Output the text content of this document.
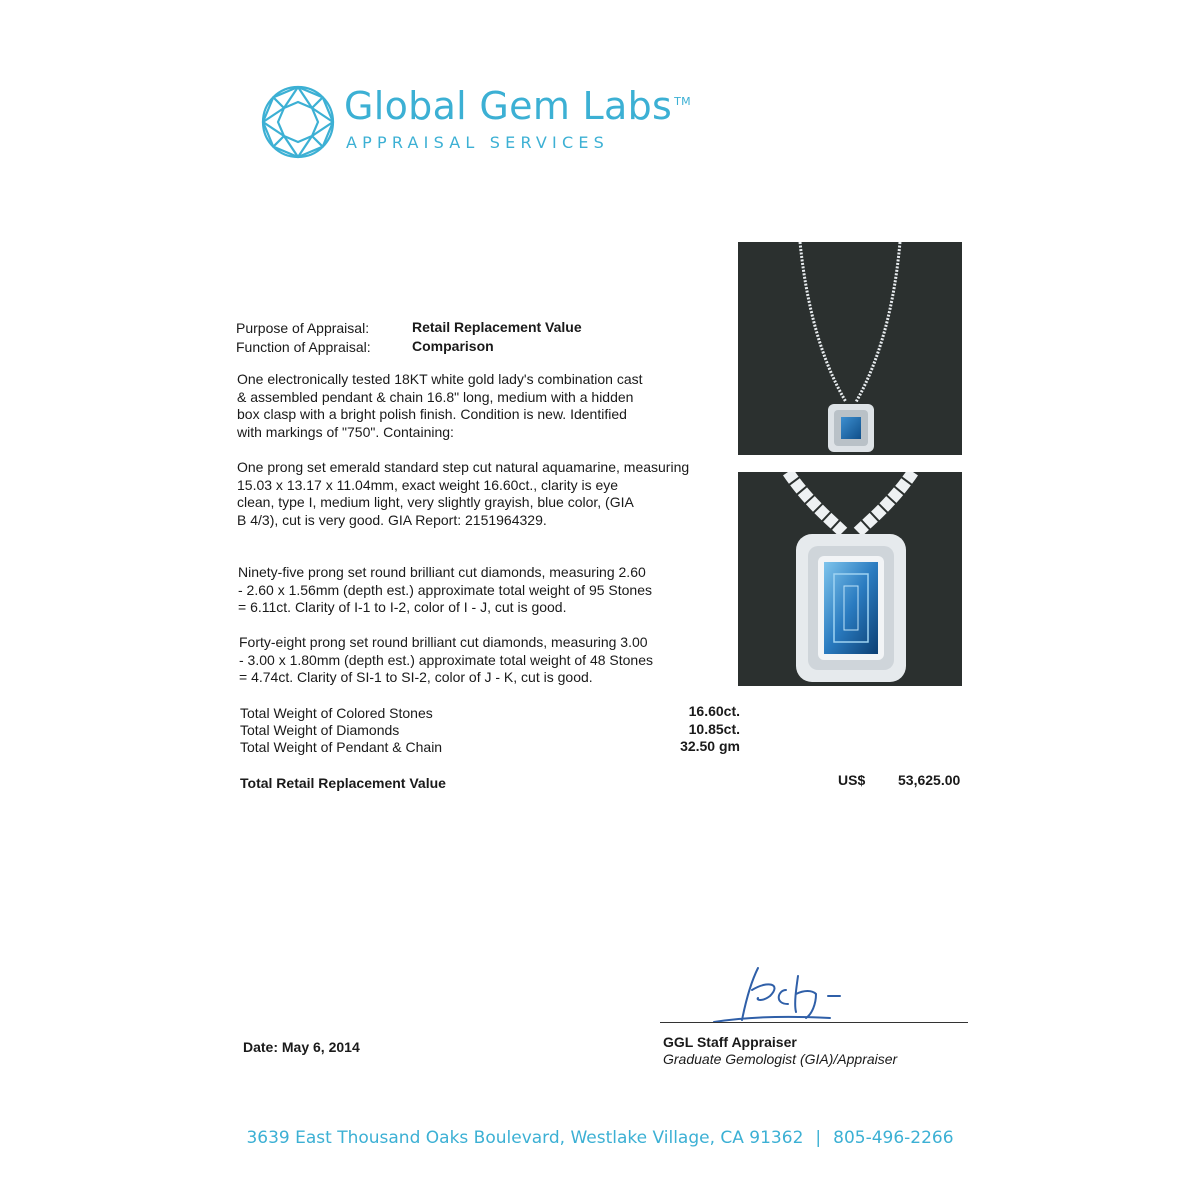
Global Gem Labs ™
APPRAISAL SERVICES
Purpose of Appraisal:	Retail Replacement Value
Function of Appraisal:	Comparison
One electronically tested 18KT white gold lady's combination cast
& assembled pendant & chain 16.8" long, medium with a hidden
box clasp with a bright polish finish. Condition is new. Identified
with markings of "750". Containing:
One prong set emerald standard step cut natural aquamarine, measuring
15.03 x 13.17 x 11.04mm, exact weight 16.60ct., clarity is eye
clean, type I, medium light, very slightly grayish, blue color, (GIA
B 4/3), cut is very good. GIA Report: 2151964329.
Ninety-five prong set round brilliant cut diamonds, measuring 2.60
- 2.60 x 1.56mm (depth est.) approximate total weight of 95 Stones
= 6.11ct. Clarity of I-1 to I-2, color of I - J, cut is good.
Forty-eight prong set round brilliant cut diamonds, measuring 3.00
- 3.00 x 1.80mm (depth est.) approximate total weight of 48 Stones
= 4.74ct. Clarity of SI-1 to SI-2, color of J - K, cut is good.
Total Weight of Colored Stones	16.60ct.
Total Weight of Diamonds	10.85ct.
Total Weight of Pendant & Chain	32.50 gm
Total Retail Replacement Value	US$ 53,625.00
GGL Staff Appraiser
Graduate Gemologist (GIA)/Appraiser
Date: May 6, 2014
3639 East Thousand Oaks Boulevard, Westlake Village, CA 91362 | 805-496-2266
